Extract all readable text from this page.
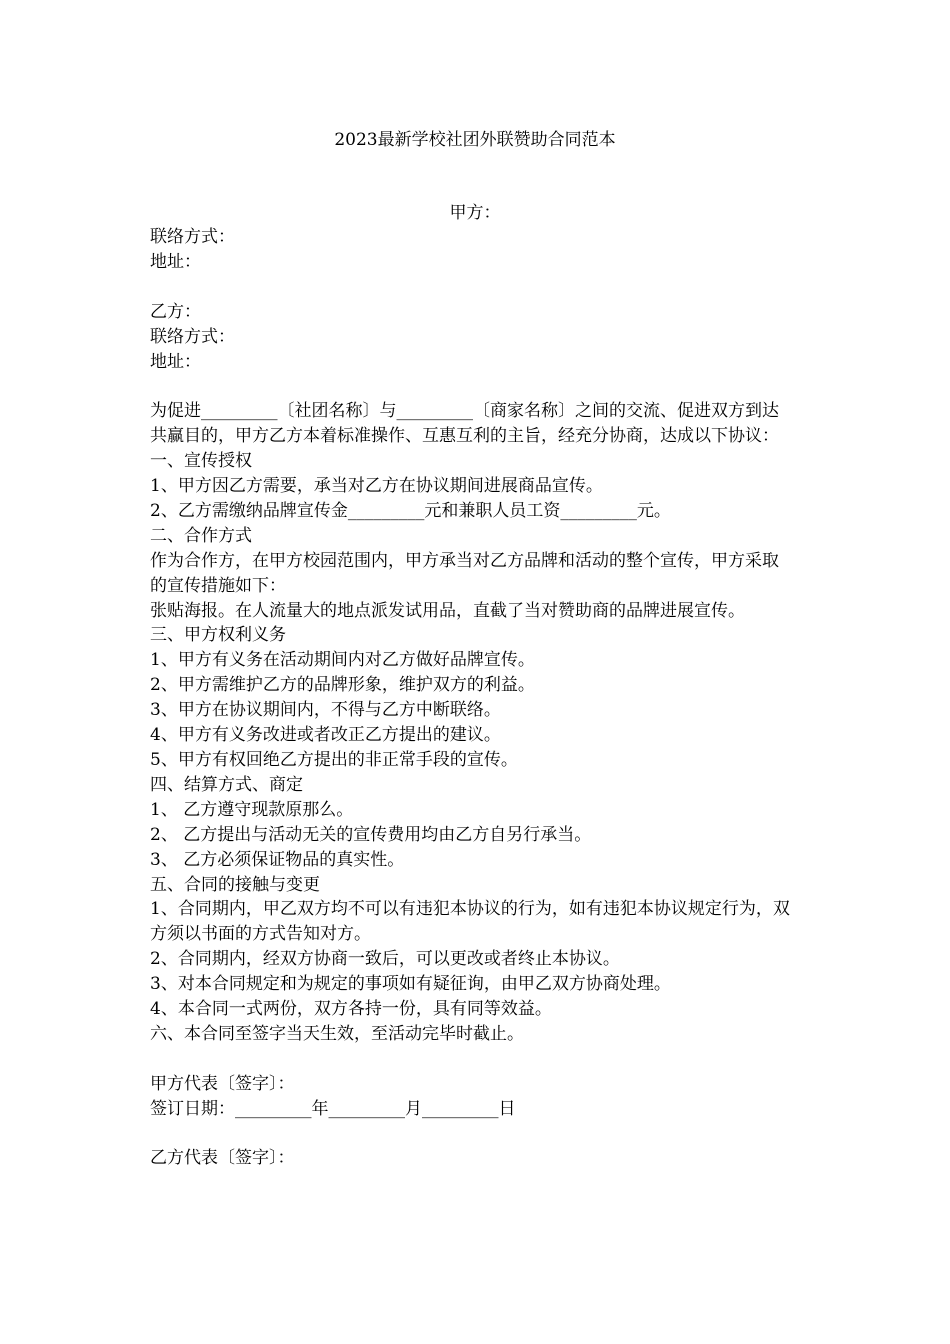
2023最新学校社团外联赞助合同范本
甲方：

联络方式：

地址：

乙方：

联络方式：

地址：

为促进_________〔社团名称〕与_________〔商家名称〕之间的交流、促进双方到达共赢目的，甲方乙方本着标准操作、互惠互利的主旨，经充分协商，达成以下协议：

一、宣传授权

1、甲方因乙方需要，承当对乙方在协议期间进展商品宣传。

2、乙方需缴纳品牌宣传金_________元和兼职人员工资_________元。

二、合作方式

作为合作方，在甲方校园范围内，甲方承当对乙方品牌和活动的整个宣传，甲方采取的宣传措施如下：

张贴海报。在人流量大的地点派发试用品，直截了当对赞助商的品牌进展宣传。

三、甲方权利义务

1、甲方有义务在活动期间内对乙方做好品牌宣传。

2、甲方需维护乙方的品牌形象，维护双方的利益。

3、甲方在协议期间内，不得与乙方中断联络。

4、甲方有义务改进或者改正乙方提出的建议。

5、甲方有权回绝乙方提出的非正常手段的宣传。

四、结算方式、商定

1、 乙方遵守现款原那么。

2、 乙方提出与活动无关的宣传费用均由乙方自另行承当。

3、 乙方必须保证物品的真实性。

五、合同的接触与变更

1、合同期内，甲乙双方均不可以有违犯本协议的行为，如有违犯本协议规定行为，双方须以书面的方式告知对方。

2、合同期内，经双方协商一致后，可以更改或者终止本协议。

3、对本合同规定和为规定的事项如有疑征询，由甲乙双方协商处理。

4、本合同一式两份，双方各持一份，具有同等效益。

六、本合同至签字当天生效，至活动完毕时截止。

甲方代表〔签字〕：

签订日期：_________年_________月_________日

乙方代表〔签字〕：
